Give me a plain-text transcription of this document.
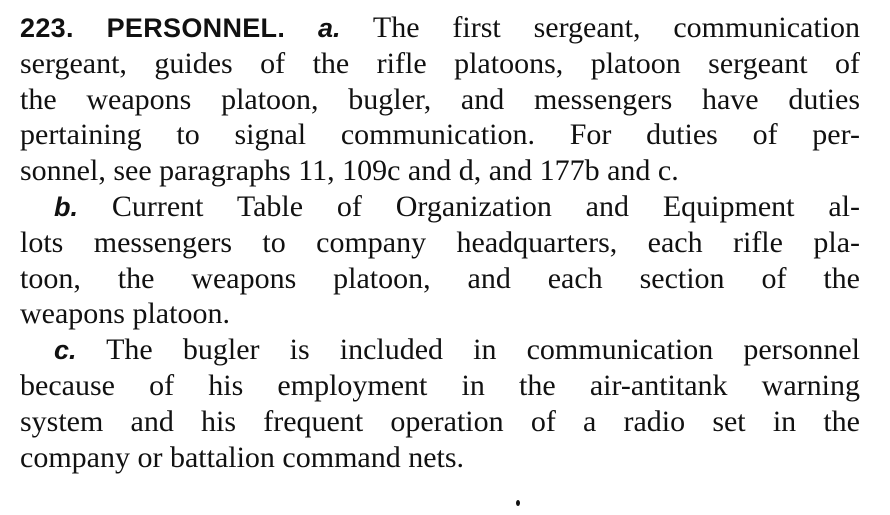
223. PERSONNEL. a. The first sergeant, communication
sergeant, guides of the rifle platoons, platoon sergeant of
the weapons platoon, bugler, and messengers have duties
pertaining to signal communication. For duties of per-
sonnel, see paragraphs 11, 109c and d, and 177b and c.
b. Current Table of Organization and Equipment al-
lots messengers to company headquarters, each rifle pla-
toon, the weapons platoon, and each section of the
weapons platoon.
c. The bugler is included in communication personnel
because of his employment in the air-antitank warning
system and his frequent operation of a radio set in the
company or battalion command nets.
